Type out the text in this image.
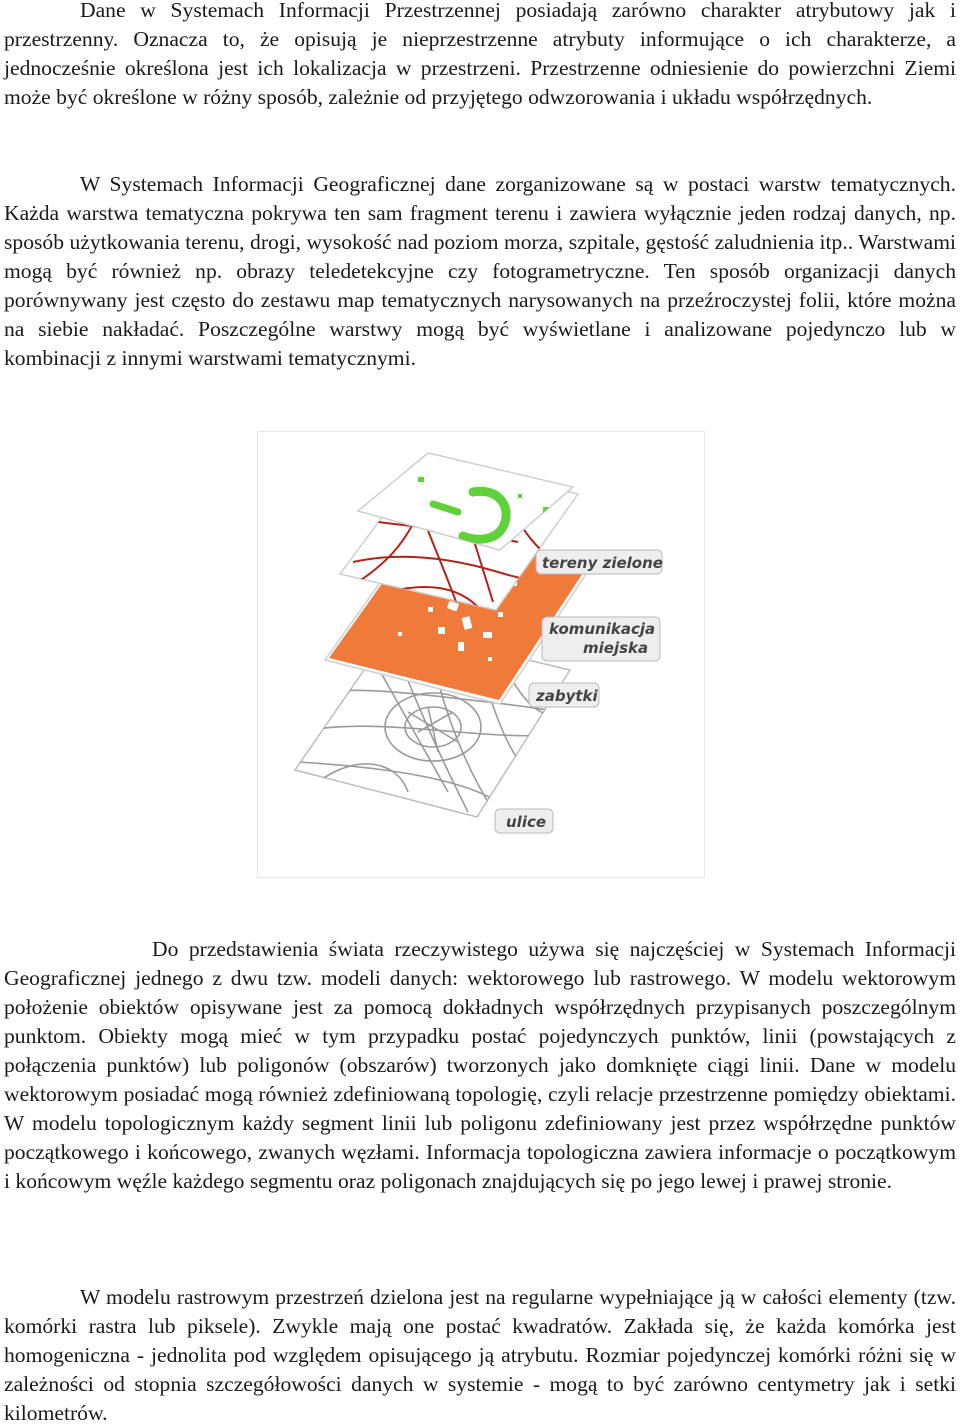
Dane w Systemach Informacji Przestrzennej posiadają zarówno charakter atrybutowy jak i przestrzenny. Oznacza to, że opisują je nieprzestrzenne atrybuty informujące o ich charakterze, a jednocześnie określona jest ich lokalizacja w przestrzeni. Przestrzenne odniesienie do powierzchni Ziemi może być określone w różny sposób, zależnie od przyjętego odwzorowania i układu współrzędnych.

W Systemach Informacji Geograficznej dane zorganizowane są w postaci warstw tematycznych. Każda warstwa tematyczna pokrywa ten sam fragment terenu i zawiera wyłącznie jeden rodzaj danych, np. sposób użytkowania terenu, drogi, wysokość nad poziom morza, szpitale, gęstość zaludnienia itp.. Warstwami mogą być również np. obrazy teledetekcyjne czy fotogrametryczne. Ten sposób organizacji danych porównywany jest często do zestawu map tematycznych narysowanych na przeźroczystej folii, które można na siebie nakładać. Poszczególne warstwy mogą być wyświetlane i analizowane pojedynczo lub w kombinacji z innymi warstwami tematycznymi.

ulice
zabytki
komunikacja
miejska
tereny zielone

Do przedstawienia świata rzeczywistego używa się najczęściej w Systemach Informacji Geograficznej jednego z dwu tzw. modeli danych: wektorowego lub rastrowego. W modelu wektorowym położenie obiektów opisywane jest za pomocą dokładnych współrzędnych przypisanych poszczególnym punktom. Obiekty mogą mieć w tym przypadku postać pojedynczych punktów, linii (powstających z połączenia punktów) lub poligonów (obszarów) tworzonych jako domknięte ciągi linii. Dane w modelu wektorowym posiadać mogą również zdefiniowaną topologię, czyli relacje przestrzenne pomiędzy obiektami. W modelu topologicznym każdy segment linii lub poligonu zdefiniowany jest przez współrzędne punktów początkowego i końcowego, zwanych węzłami. Informacja topologiczna zawiera informacje o początkowym i końcowym węźle każdego segmentu oraz poligonach znajdujących się po jego lewej i prawej stronie.

W modelu rastrowym przestrzeń dzielona jest na regularne wypełniające ją w całości elementy (tzw. komórki rastra lub piksele). Zwykle mają one postać kwadratów. Zakłada się, że każda komórka jest homogeniczna - jednolita pod względem opisującego ją atrybutu. Rozmiar pojedynczej komórki różni się w zależności od stopnia szczegółowości danych w systemie - mogą to być zarówno centymetry jak i setki kilometrów.
